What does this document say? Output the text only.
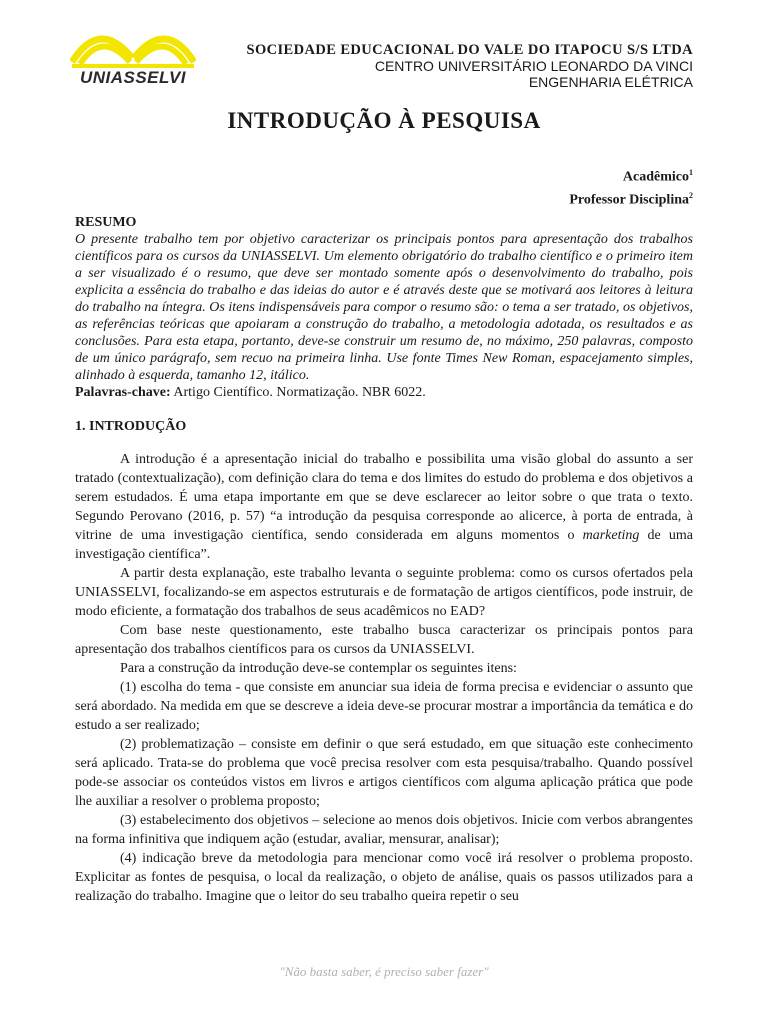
UNIASSELVI
SOCIEDADE EDUCACIONAL DO VALE DO ITAPOCU S/S LTDA
CENTRO UNIVERSITÁRIO LEONARDO DA VINCI
ENGENHARIA ELÉTRICA
INTRODUÇÃO À PESQUISA
Acadêmico$^1$
Professor Disciplina$^2$
RESUMO

O presente trabalho tem por objetivo caracterizar os principais pontos para apresentação dos trabalhos científicos para os cursos da UNIASSELVI. Um elemento obrigatório do trabalho científico e o primeiro item a ser visualizado é o resumo, que deve ser montado somente após o desenvolvimento do trabalho, pois explicita a essência do trabalho e das ideias do autor e é através deste que se motivará aos leitores à leitura do trabalho na íntegra. Os itens indispensáveis para compor o resumo são: o tema a ser tratado, os objetivos, as referências teóricas que apoiaram a construção do trabalho, a metodologia adotada, os resultados e as conclusões. Para esta etapa, portanto, deve-se construir um resumo de, no máximo, 250 palavras, composto de um único parágrafo, sem recuo na primeira linha. Use fonte Times New Roman, espacejamento simples, alinhado à esquerda, tamanho 12, itálico.

Palavras-chave: Artigo Científico. Normatização. NBR 6022.

1. INTRODUÇÃO

A introdução é a apresentação inicial do trabalho e possibilita uma visão global do assunto a ser tratado (contextualização), com definição clara do tema e dos limites do estudo do problema e dos objetivos a serem estudados. É uma etapa importante em que se deve esclarecer ao leitor sobre o que trata o texto. Segundo Perovano (2016, p. 57) “a introdução da pesquisa corresponde ao alicerce, à porta de entrada, à vitrine de uma investigação científica, sendo considerada em alguns momentos o marketing de uma investigação científica”.

A partir desta explanação, este trabalho levanta o seguinte problema: como os cursos ofertados pela UNIASSELVI, focalizando-se em aspectos estruturais e de formatação de artigos científicos, pode instruir, de modo eficiente, a formatação dos trabalhos de seus acadêmicos no EAD?

Com base neste questionamento, este trabalho busca caracterizar os principais pontos para apresentação dos trabalhos científicos para os cursos da UNIASSELVI.

Para a construção da introdução deve-se contemplar os seguintes itens:

(1) escolha do tema - que consiste em anunciar sua ideia de forma precisa e evidenciar o assunto que será abordado. Na medida em que se descreve a ideia deve-se procurar mostrar a importância da temática e do estudo a ser realizado;

(2) problematização – consiste em definir o que será estudado, em que situação este conhecimento será aplicado. Trata-se do problema que você precisa resolver com esta pesquisa/trabalho. Quando possível pode-se associar os conteúdos vistos em livros e artigos científicos com alguma aplicação prática que pode lhe auxiliar a resolver o problema proposto;

(3) estabelecimento dos objetivos – selecione ao menos dois objetivos. Inicie com verbos abrangentes na forma infinitiva que indiquem ação (estudar, avaliar, mensurar, analisar);

(4) indicação breve da metodologia para mencionar como você irá resolver o problema proposto. Explicitar as fontes de pesquisa, o local da realização, o objeto de análise, quais os passos utilizados para a realização do trabalho. Imagine que o leitor do seu trabalho queira repetir o seu

"Não basta saber, é preciso saber fazer"
